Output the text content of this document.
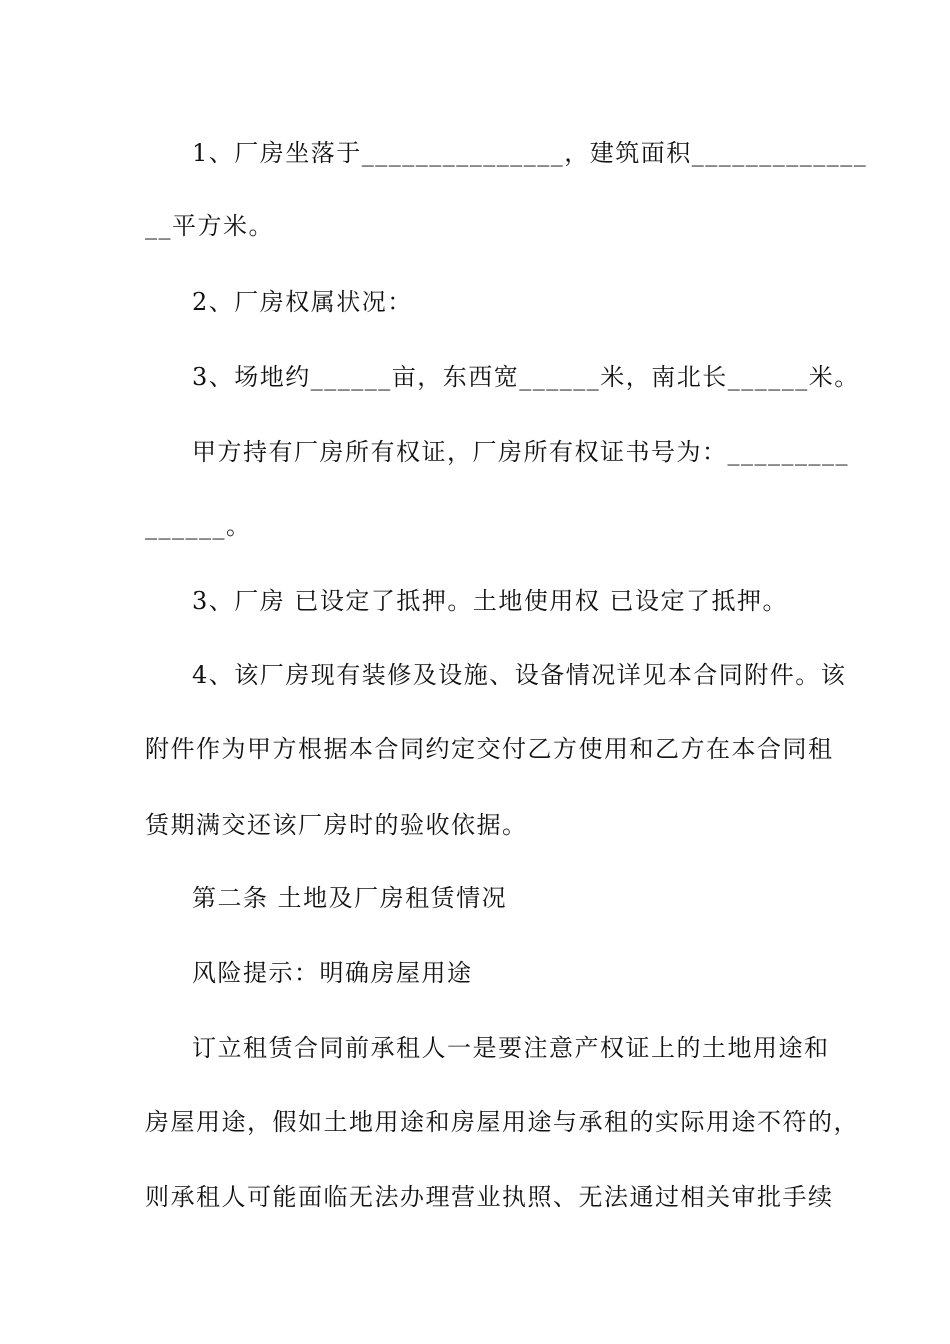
1、厂房坐落于_______________，建筑面积_____________
__平方米。
2、厂房权属状况：
3、场地约______亩，东西宽______米，南北长______米。
甲方持有厂房所有权证，厂房所有权证书号为：_________
______。
3、厂房 已设定了抵押。土地使用权 已设定了抵押。
4、该厂房现有装修及设施、设备情况详见本合同附件。该
附件作为甲方根据本合同约定交付乙方使用和乙方在本合同租
赁期满交还该厂房时的验收依据。
第二条 土地及厂房租赁情况
风险提示：明确房屋用途
订立租赁合同前承租人一是要注意产权证上的土地用途和
房屋用途，假如土地用途和房屋用途与承租的实际用途不符的，
则承租人可能面临无法办理营业执照、无法通过相关审批手续
